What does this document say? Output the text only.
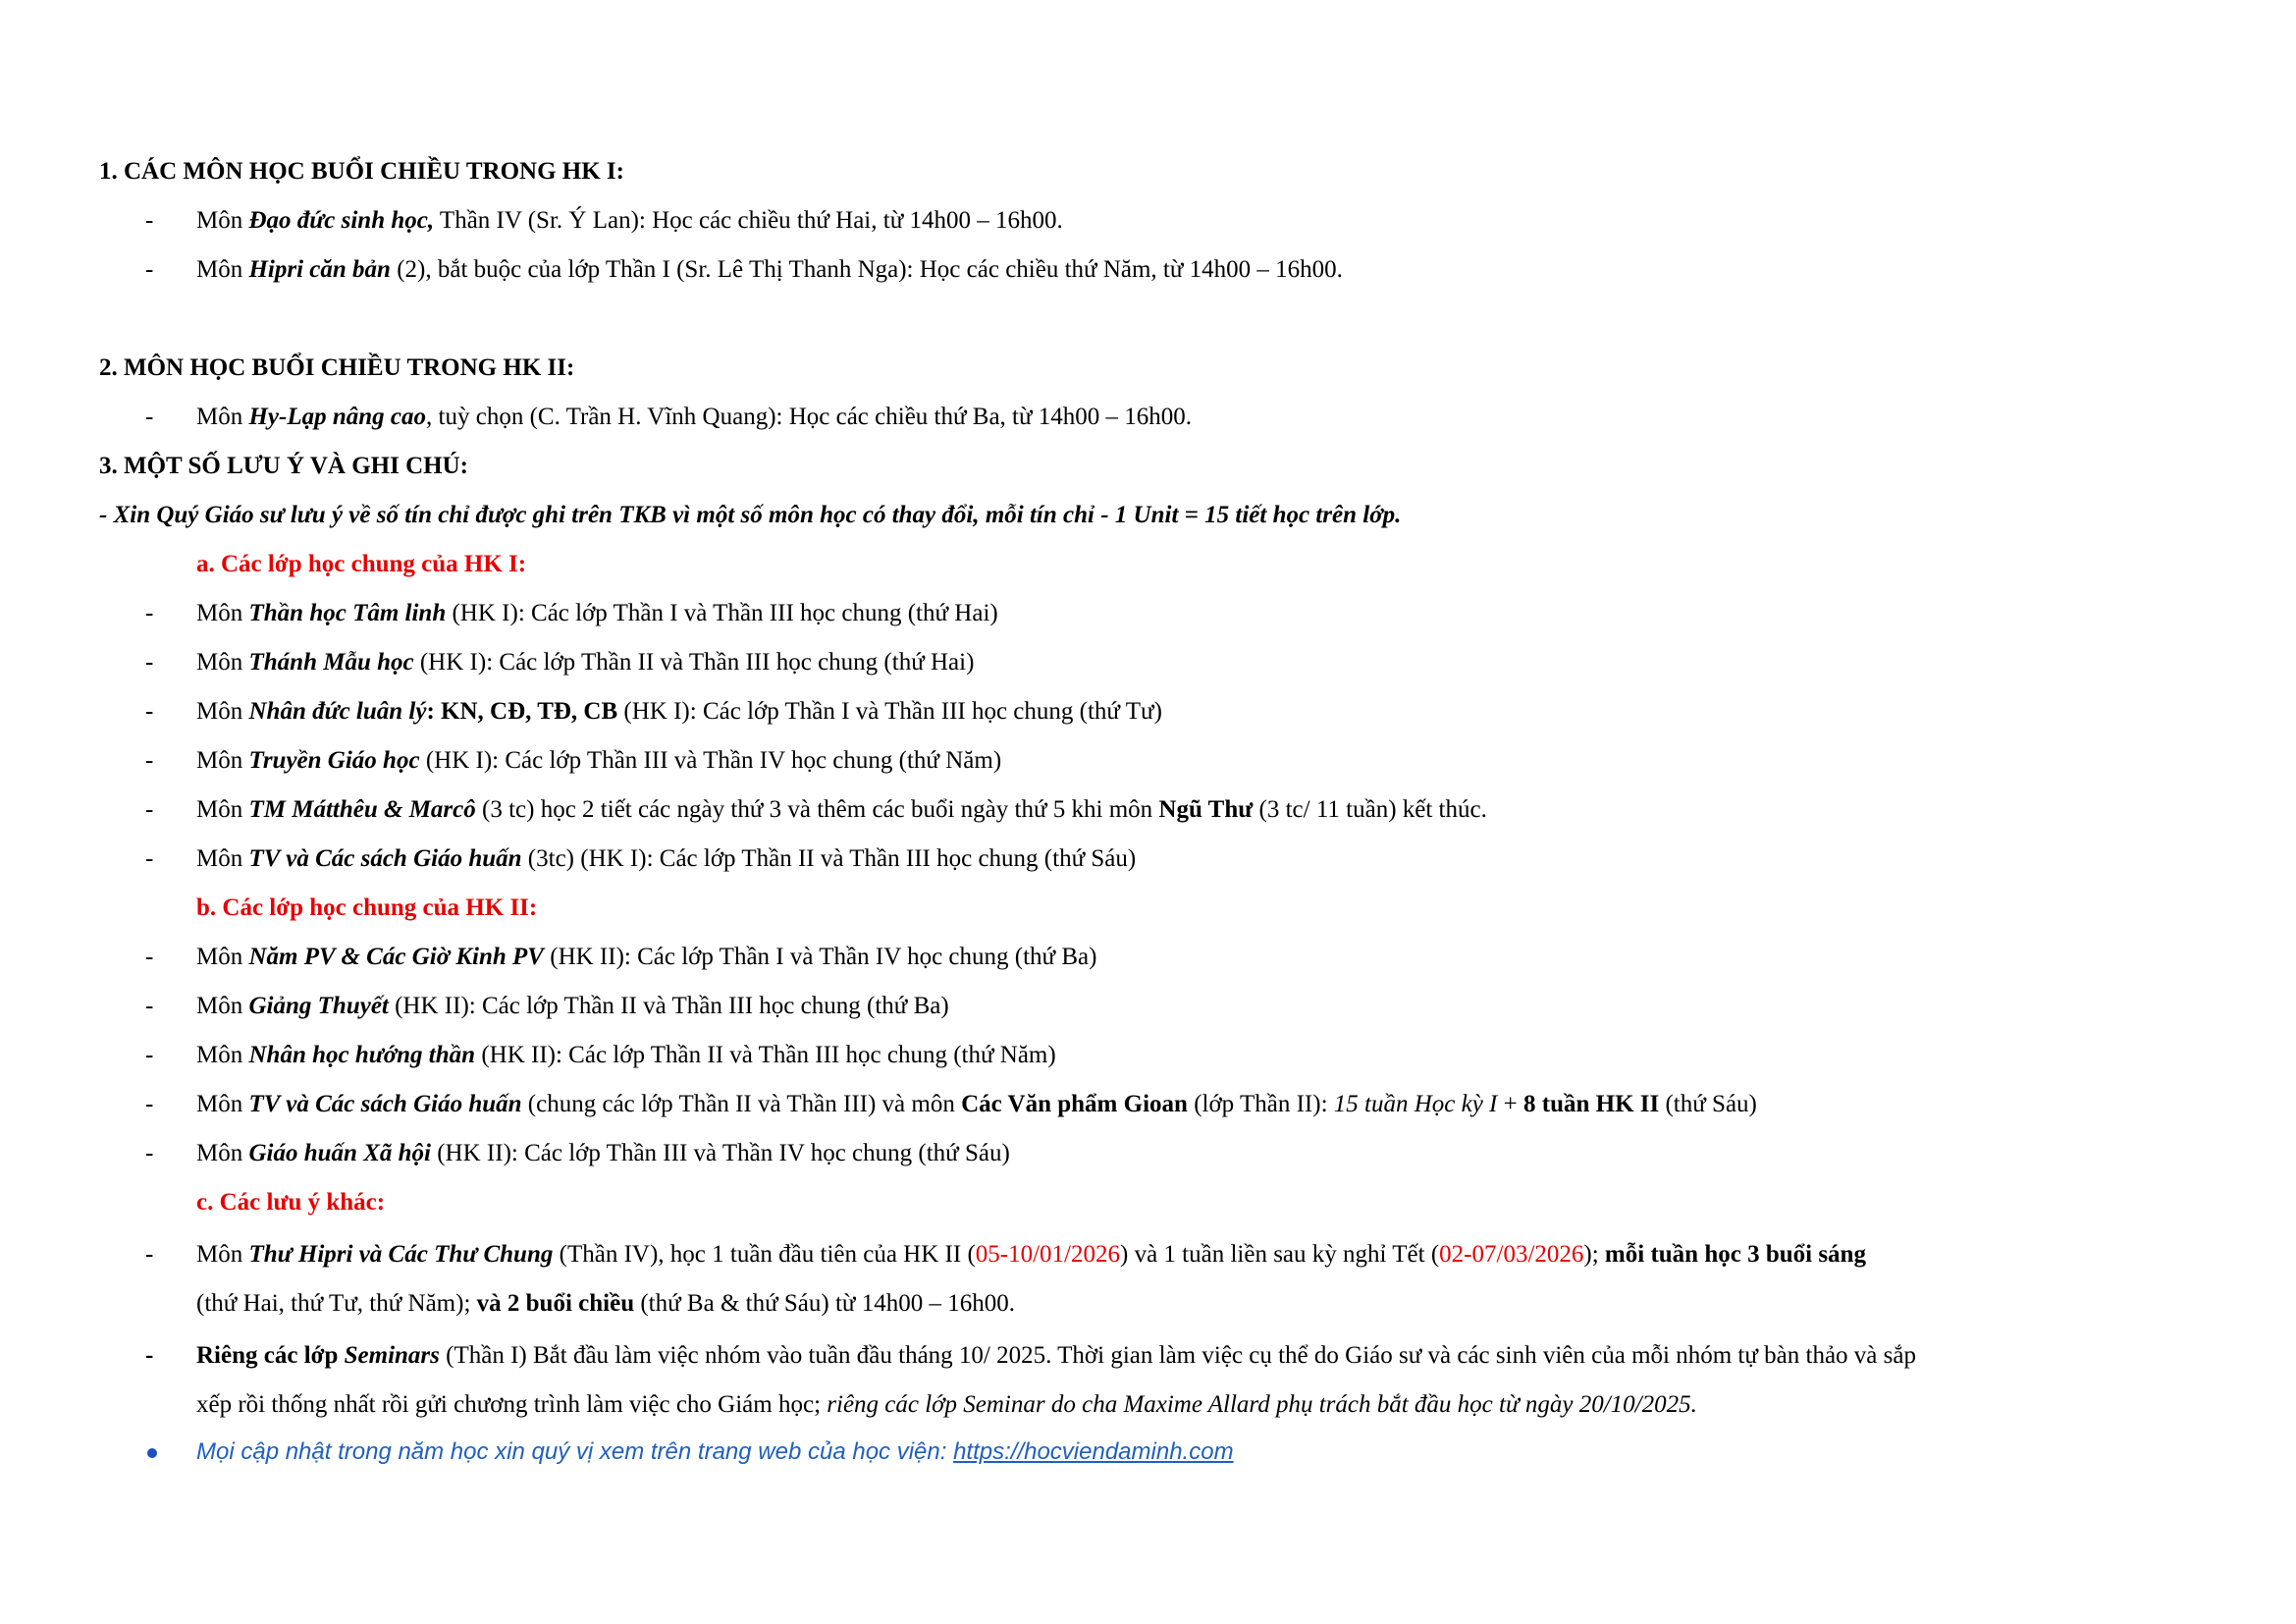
1. CÁC MÔN HỌC BUỔI CHIỀU TRONG HK I:
- Môn Đạo đức sinh học, Thần IV (Sr. Ý Lan): Học các chiều thứ Hai, từ 14h00 – 16h00.
- Môn Hipri căn bản (2), bắt buộc của lớp Thần I (Sr. Lê Thị Thanh Nga): Học các chiều thứ Năm, từ 14h00 – 16h00.
2. MÔN HỌC BUỔI CHIỀU TRONG HK II:
- Môn Hy-Lạp nâng cao, tuỳ chọn (C. Trần H. Vĩnh Quang): Học các chiều thứ Ba, từ 14h00 – 16h00.
3. MỘT SỐ LƯU Ý VÀ GHI CHÚ:
- Xin Quý Giáo sư lưu ý về số tín chỉ được ghi trên TKB vì một số môn học có thay đổi, mỗi tín chỉ - 1 Unit = 15 tiết học trên lớp.
a. Các lớp học chung của HK I:
- Môn Thần học Tâm linh (HK I): Các lớp Thần I và Thần III học chung (thứ Hai)
- Môn Thánh Mẫu học (HK I): Các lớp Thần II và Thần III học chung (thứ Hai)
- Môn Nhân đức luân lý: KN, CĐ, TĐ, CB (HK I): Các lớp Thần I và Thần III học chung (thứ Tư)
- Môn Truyền Giáo học (HK I): Các lớp Thần III và Thần IV học chung (thứ Năm)
- Môn TM Mátthêu & Marcô (3 tc) học 2 tiết các ngày thứ 3 và thêm các buổi ngày thứ 5 khi môn Ngũ Thư (3 tc/ 11 tuần) kết thúc.
- Môn TV và Các sách Giáo huấn (3tc) (HK I): Các lớp Thần II và Thần III học chung (thứ Sáu)
b. Các lớp học chung của HK II:
- Môn Năm PV & Các Giờ Kinh PV (HK II): Các lớp Thần I và Thần IV học chung (thứ Ba)
- Môn Giảng Thuyết (HK II): Các lớp Thần II và Thần III học chung (thứ Ba)
- Môn Nhân học hướng thần (HK II): Các lớp Thần II và Thần III học chung (thứ Năm)
- Môn TV và Các sách Giáo huấn (chung các lớp Thần II và Thần III) và môn Các Văn phẩm Gioan (lớp Thần II): 15 tuần Học kỳ I + 8 tuần HK II (thứ Sáu)
- Môn Giáo huấn Xã hội (HK II): Các lớp Thần III và Thần IV học chung (thứ Sáu)
c. Các lưu ý khác:
- Môn Thư Hipri và Các Thư Chung (Thần IV), học 1 tuần đầu tiên của HK II (05-10/01/2026) và 1 tuần liền sau kỳ nghỉ Tết (02-07/03/2026); mỗi tuần học 3 buổi sáng
(thứ Hai, thứ Tư, thứ Năm); và 2 buổi chiều (thứ Ba & thứ Sáu) từ 14h00 – 16h00.
- Riêng các lớp Seminars (Thần I) Bắt đầu làm việc nhóm vào tuần đầu tháng 10/ 2025. Thời gian làm việc cụ thể do Giáo sư và các sinh viên của mỗi nhóm tự bàn thảo và sắp
xếp rồi thống nhất rồi gửi chương trình làm việc cho Giám học; riêng các lớp Seminar do cha Maxime Allard phụ trách bắt đầu học từ ngày 20/10/2025.
Mọi cập nhật trong năm học xin quý vị xem trên trang web của học viện: https://hocviendaminh.com
